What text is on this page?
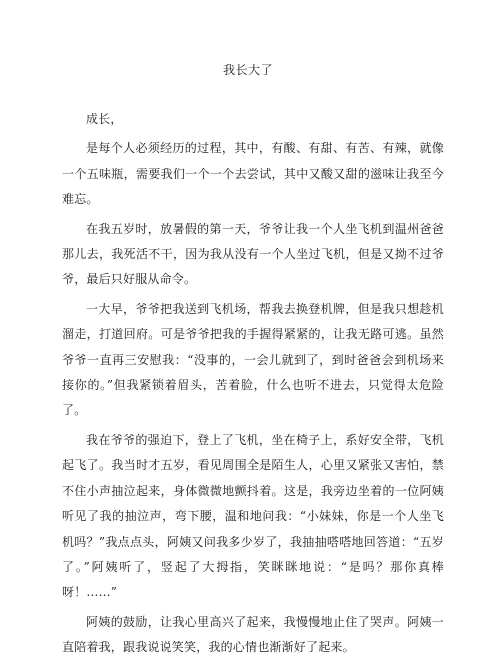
我长大了

成长，

是每个人必须经历的过程，其中，有酸、有甜、有苦、有辣，就像一个五味瓶，需要我们一个一个去尝试，其中又酸又甜的滋味让我至今难忘。

在我五岁时，放暑假的第一天，爷爷让我一个人坐飞机到温州爸爸那儿去，我死活不干，因为我从没有一个人坐过飞机，但是又拗不过爷爷，最后只好服从命令。

一大早，爷爷把我送到飞机场，帮我去换登机牌，但是我只想趁机溜走，打道回府。可是爷爷把我的手握得紧紧的，让我无路可逃。虽然爷爷一直再三安慰我：“没事的，一会儿就到了，到时爸爸会到机场来接你的。”但我紧锁着眉头，苦着脸，什么也听不进去，只觉得太危险了。

我在爷爷的强迫下，登上了飞机，坐在椅子上，系好安全带，飞机起飞了。我当时才五岁，看见周围全是陌生人，心里又紧张又害怕，禁不住小声抽泣起来，身体微微地颤抖着。这是，我旁边坐着的一位阿姨听见了我的抽泣声，弯下腰，温和地问我：“小妹妹，你是一个人坐飞机吗？”我点点头，阿姨又问我多少岁了，我抽抽嗒嗒地回答道：“五岁了。”阿姨听了，竖起了大拇指，笑眯眯地说：“是吗？那你真棒呀！……”

阿姨的鼓励，让我心里高兴了起来，我慢慢地止住了哭声。阿姨一直陪着我，跟我说说笑笑，我的心情也渐渐好了起来。
